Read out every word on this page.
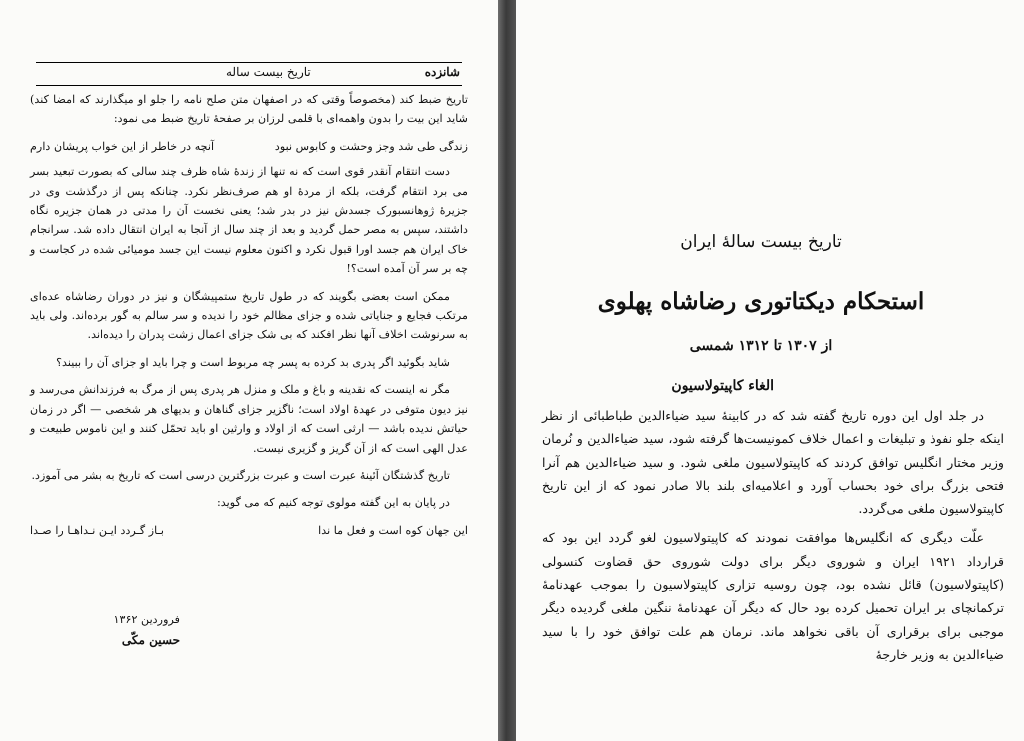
شانزده
تاریخ بیست ساله

تاریخ ضبط کند (مخصوصاً وقتی که در اصفهان متن صلح نامه را جلو او میگذارند که امضا کند) شاید این بیت را بدون واهمه‌ای با قلمی لرزان بر صفحهٔ تاریخ ضبط می نمود:

زندگی طی شد وجز وحشت و کابوس نبود
آنچه در خاطر از این خواب پریشان دارم

دست انتقام آنقدر قوی است که نه تنها از زندهٔ شاه ظرف چند سالی که بصورت تبعید بسر می برد انتقام گرفت، بلکه از مردهٔ او هم صرف‌نظر نکرد. چنانکه پس از درگذشت وی در جزیرهٔ ژوهانسبورک جسدش نیز در بدر شد؛ یعنی نخست آن را مدتی در همان جزیره نگاه داشتند، سپس به مصر حمل گردید و بعد از چند سال از آنجا به ایران انتقال داده شد. سرانجام خاک ایران هم جسد اورا قبول نکرد و اکنون معلوم نیست این جسد مومیائی شده در کجاست و چه بر سر آن آمده است؟!

ممکن است بعضی بگویند که در طول تاریخ ستمپیشگان و نیز در دوران رضاشاه عده‌ای مرتکب فجایع و جنایاتی شده و جزای مظالم خود را ندیده و سر سالم به گور برده‌اند. ولی باید به سرنوشت اخلاف آنها نظر افکند که بی شک جزای اعمال زشت پدران را دیده‌اند.

شاید بگوئید اگر پدری بد کرده به پسر چه مربوط است و چرا باید او جزای آن را ببیند؟

مگر نه اینست که نقدینه و باغ و ملک و منزل هر پدری پس از مرگ به فرزندانش می‌رسد و نیز دیون متوفی در عهدهٔ اولاد است؛ ناگزیر جزای گناهان و بدیهای هر شخصی — اگر در زمان حیاتش ندیده باشد — ارثی است که از اولاد و وارثین او باید تحمّل کنند و این ناموس طبیعت و عدل الهی است که از آن گریز و گزیری نیست.

تاریخ گذشتگان آئینهٔ عبرت است و عبرت بزرگترین درسی است که تاریخ به بشر می آموزد.

در پایان به این گفته مولوی توجه کنیم که می گوید:

این جهان کوه است و فعل ما ندا
بـاز گـردد ایـن نـداهـا را صـدا
فروردین ۱۳۶۲
حسین مکّی
تاریخ بیست سالهٔ ایران
استحکام دیکتاتوری رضاشاه پهلوی
از ۱۳۰۷ تا ۱۳۱۲ شمسی
الغاء کاپیتولاسیون

در جلد اول این دوره تاریخ گفته شد که در کابینهٔ سید ضیاءالدین طباطبائی از نظر اینکه جلو نفوذ و تبلیغات و اعمال خلاف کمونیست‌ها گرفته شود، سید ضیاءالدین و نُرمان وزیر مختار انگلیس توافق کردند که کاپیتولاسیون ملغی شود. و سید ضیاءالدین هم آنرا فتحی بزرگ برای خود بحساب آورد و اعلامیه‌ای بلند بالا صادر نمود که از این تاریخ کاپیتولاسیون ملغی می‌گردد.

علّت دیگری که انگلیس‌ها موافقت نمودند که کاپیتولاسیون لغو گردد این بود که قرارداد ۱۹۲۱ ایران و شوروی دیگر برای دولت شوروی حق قضاوت کنسولی (کاپیتولاسیون) قائل نشده بود، چون روسیه تزاری کاپیتولاسیون را بموجب عهدنامهٔ ترکمانچای بر ایران تحمیل کرده بود حال که دیگر آن عهدنامهٔ ننگین ملغی گردیده دیگر موجبی برای برقراری آن باقی نخواهد ماند. نرمان هم علت توافق خود را با سید ضیاءالدین به وزیر خارجهٔ
